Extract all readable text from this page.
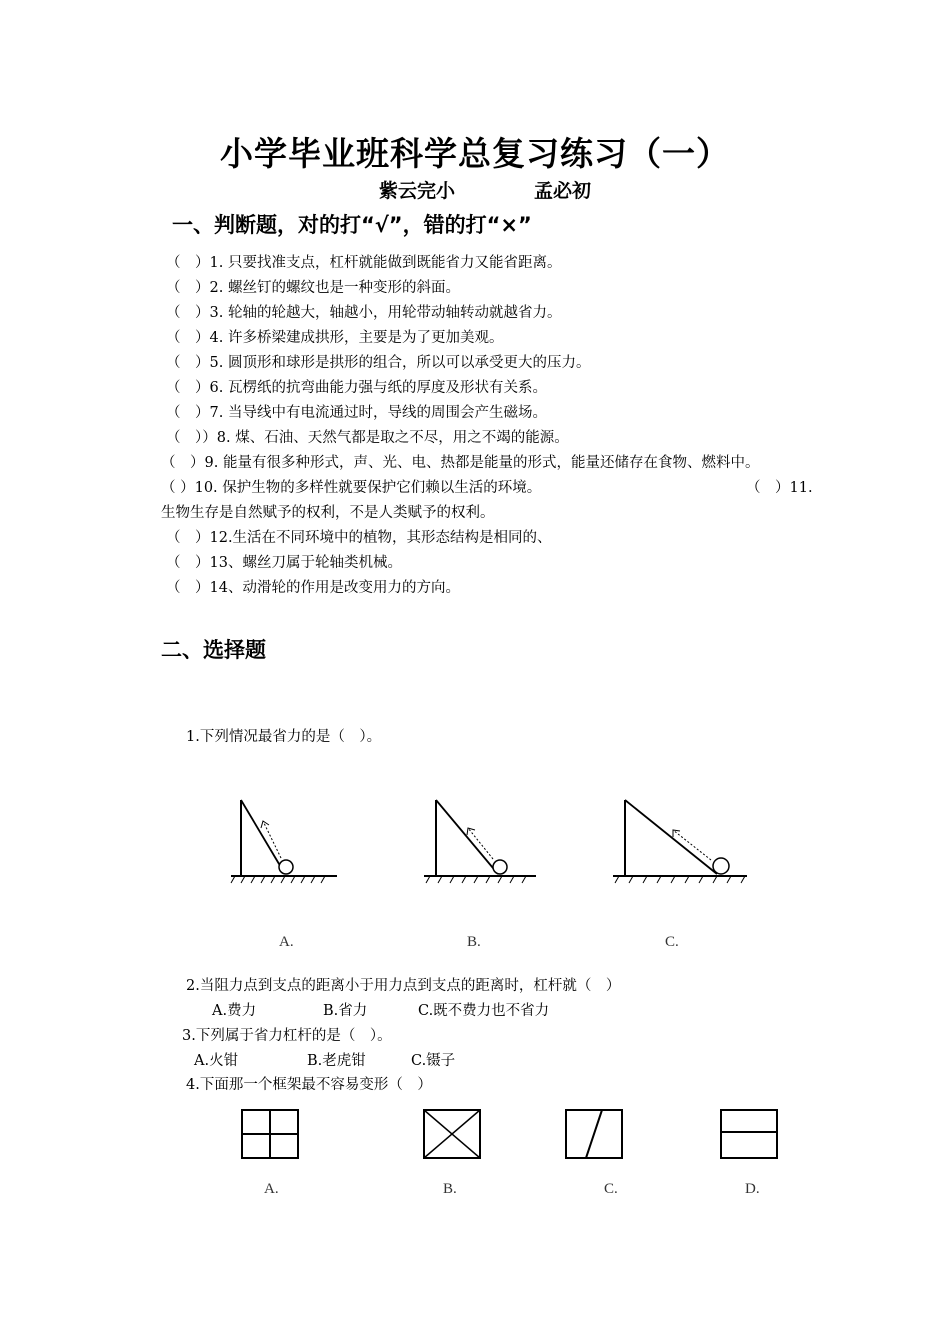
小学毕业班科学总复习练习（一）
紫云完小	孟必初
一、判断题，对的打“√”，错的打“×”
（　）1. 只要找准支点，杠杆就能做到既能省力又能省距离。
（　）2. 螺丝钉的螺纹也是一种变形的斜面。
（　）3. 轮轴的轮越大，轴越小，用轮带动轴转动就越省力。
（　）4. 许多桥梁建成拱形，主要是为了更加美观。
（　）5. 圆顶形和球形是拱形的组合，所以可以承受更大的压力。
（　）6. 瓦楞纸的抗弯曲能力强与纸的厚度及形状有关系。
（　）7. 当导线中有电流通过时，导线的周围会产生磁场。
（　））8. 煤、石油、天然气都是取之不尽，用之不竭的能源。
（　）9. 能量有很多种形式，声、光、电、热都是能量的形式，能量还储存在食物、燃料中。
（ ）10. 保护生物的多样性就要保护它们赖以生活的环境。	（　）11.
生物生存是自然赋予的权利，不是人类赋予的权利。
（　）12.生活在不同环境中的植物，其形态结构是相同的、
（　）13、螺丝刀属于轮轴类机械。
（　）14、动滑轮的作用是改变用力的方向。
二、选择题
1.下列情况最省力的是（　）。
A.	B.	C.
2.当阻力点到支点的距离小于用力点到支点的距离时，杠杆就（　）
A.费力	B.省力	C.既不费力也不省力
3.下列属于省力杠杆的是（　）。
A.火钳	B.老虎钳	C.镊子
4.下面那一个框架最不容易变形（　）
A.	B.	C.	D.
